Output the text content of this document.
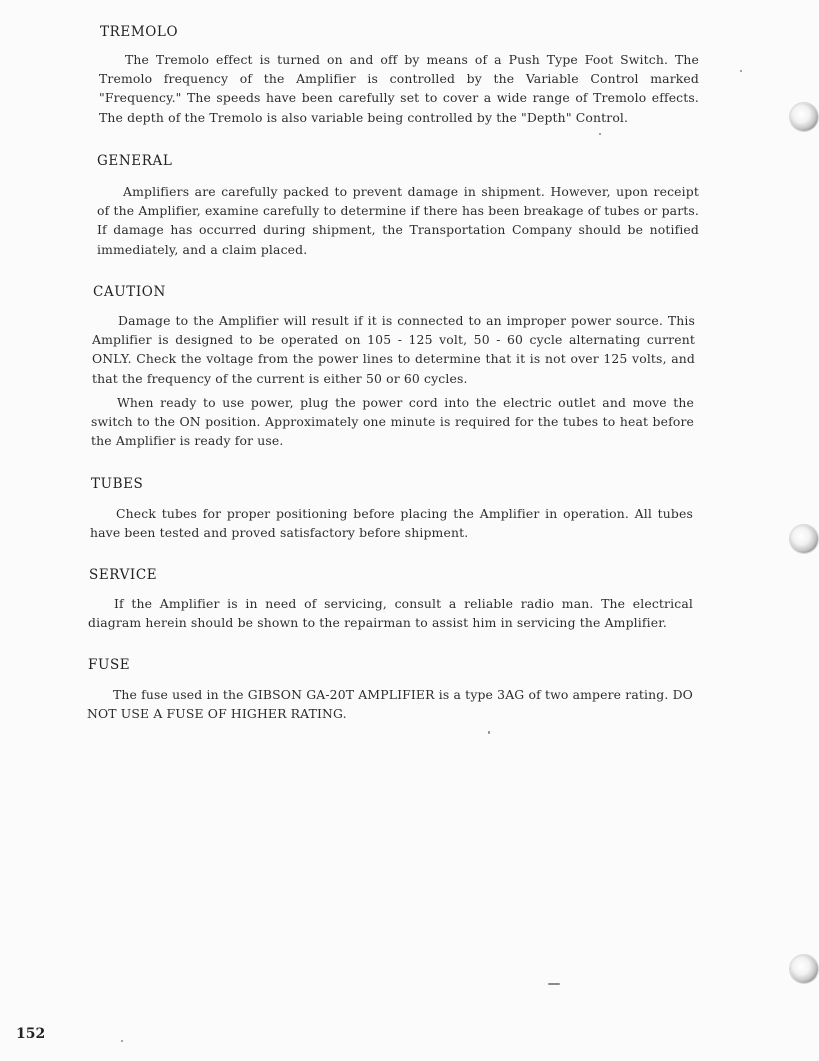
TREMOLO

The Tremolo effect is turned on and off by means of a Push Type Foot Switch. The Tremolo frequency of the Amplifier is controlled by the Variable Control marked "Frequency." The speeds have been carefully set to cover a wide range of Tremolo effects. The depth of the Tremolo is also variable being controlled by the "Depth" Control.

GENERAL

Amplifiers are carefully packed to prevent damage in shipment. However, upon receipt of the Amplifier, examine carefully to determine if there has been breakage of tubes or parts. If damage has occurred during shipment, the Transportation Company should be notified immediately, and a claim placed.

CAUTION

Damage to the Amplifier will result if it is connected to an improper power source. This Amplifier is designed to be operated on 105 - 125 volt, 50 - 60 cycle alternating current ONLY. Check the voltage from the power lines to determine that it is not over 125 volts, and that the frequency of the current is either 50 or 60 cycles.

When ready to use power, plug the power cord into the electric outlet and move the switch to the ON position. Approximately one minute is required for the tubes to heat before the Amplifier is ready for use.

TUBES

Check tubes for proper positioning before placing the Amplifier in operation. All tubes have been tested and proved satisfactory before shipment.

SERVICE

If the Amplifier is in need of servicing, consult a reliable radio man. The electrical diagram herein should be shown to the repairman to assist him in servicing the Amplifier.

FUSE

The fuse used in the GIBSON GA-20T AMPLIFIER is a type 3AG of two ampere rating. DO NOT USE A FUSE OF HIGHER RATING.

152
